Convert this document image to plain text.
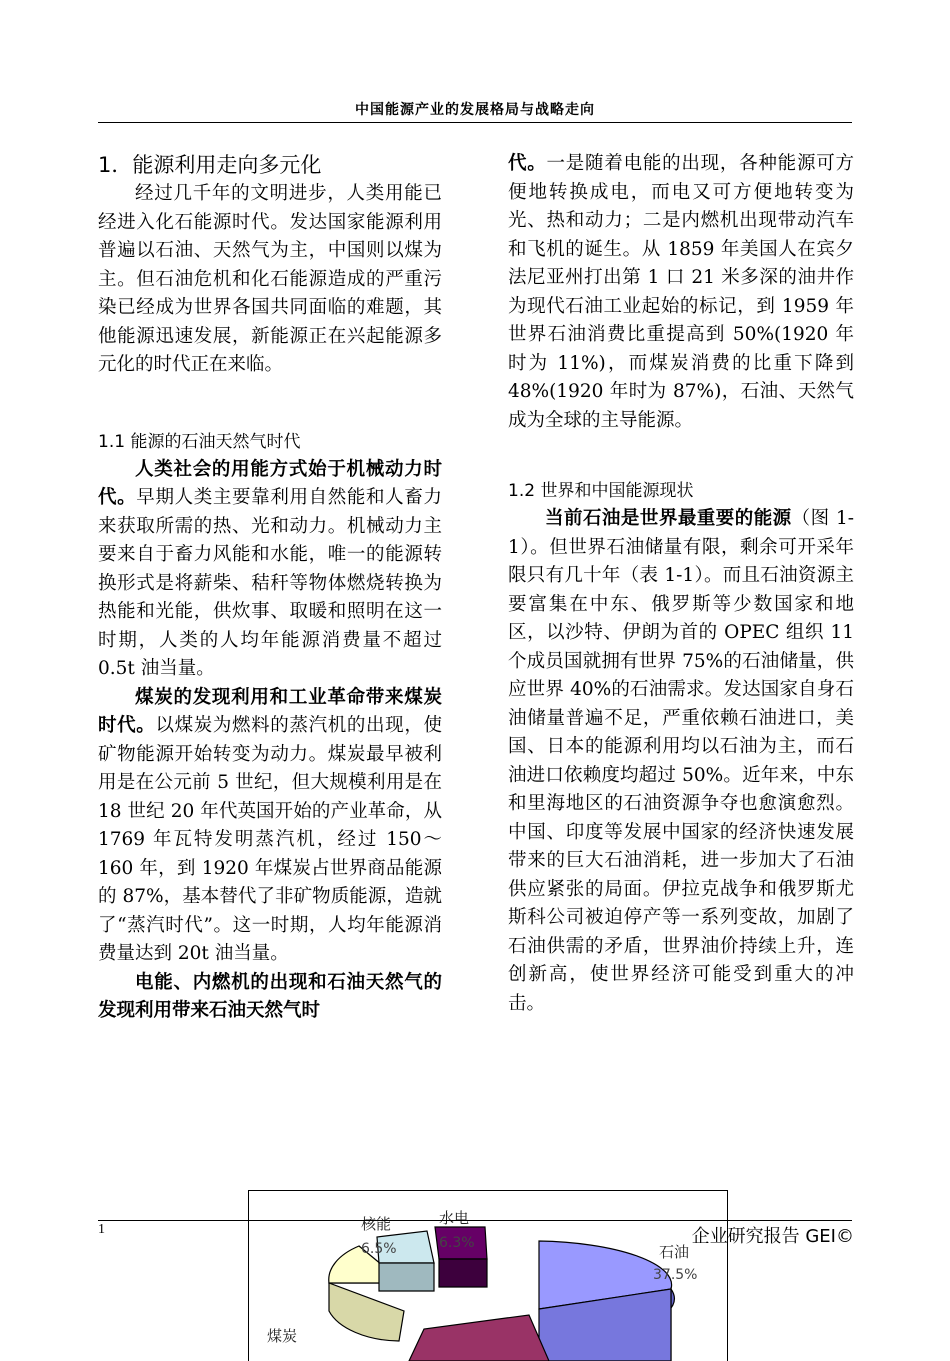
中国能源产业的发展格局与战略走向
1．能源利用走向多元化

经过几千年的文明进步，人类用能已经进入化石能源时代。发达国家能源利用普遍以石油、天然气为主，中国则以煤为主。但石油危机和化石能源造成的严重污染已经成为世界各国共同面临的难题，其他能源迅速发展，新能源正在兴起能源多元化的时代正在来临。

1.1 能源的石油天然气时代

人类社会的用能方式始于机械动力时代。早期人类主要靠利用自然能和人畜力来获取所需的热、光和动力。机械动力主要来自于畜力风能和水能，唯一的能源转换形式是将薪柴、秸秆等物体燃烧转换为热能和光能，供炊事、取暖和照明在这一时期，人类的人均年能源消费量不超过 0.5t 油当量。

煤炭的发现利用和工业革命带来煤炭时代。以煤炭为燃料的蒸汽机的出现，使矿物能源开始转变为动力。煤炭最早被利用是在公元前 5 世纪，但大规模利用是在 18 世纪 20 年代英国开始的产业革命，从 1769 年瓦特发明蒸汽机，经过 150～160 年，到 1920 年煤炭占世界商品能源的 87%，基本替代了非矿物质能源，造就了“蒸汽时代”。这一时期，人均年能源消费量达到 20t 油当量。

电能、内燃机的出现和石油天然气的发现利用带来石油天然气时

代。一是随着电能的出现，各种能源可方便地转换成电，而电又可方便地转变为光、热和动力；二是内燃机出现带动汽车和飞机的诞生。从 1859 年美国人在宾夕法尼亚州打出第 1 口 21 米多深的油井作为现代石油工业起始的标记，到 1959 年世界石油消费比重提高到 50%(1920 年时为 11%)，而煤炭消费的比重下降到 48%(1920 年时为 87%)，石油、天然气成为全球的主导能源。

1.2 世界和中国能源现状

当前石油是世界最重要的能源（图 1-1）。但世界石油储量有限，剩余可开采年限只有几十年（表 1-1）。而且石油资源主要富集在中东、俄罗斯等少数国家和地区，以沙特、伊朗为首的 OPEC 组织 11 个成员国就拥有世界 75%的石油储量，供应世界 40%的石油需求。发达国家自身石油储量普遍不足，严重依赖石油进口，美国、日本的能源利用均以石油为主，而石油进口依赖度均超过 50%。近年来，中东和里海地区的石油资源争夺也愈演愈烈。中国、印度等发展中国家的经济快速发展带来的巨大石油消耗，进一步加大了石油供应紧张的局面。伊拉克战争和俄罗斯尤斯科公司被迫停产等一系列变故，加剧了石油供需的矛盾，世界油价持续上升，连创新高，使世界经济可能受到重大的冲击。

核能
6.5%
水电
6.3%	石油
37.5%
煤炭
1	企业研究报告 GEI©
